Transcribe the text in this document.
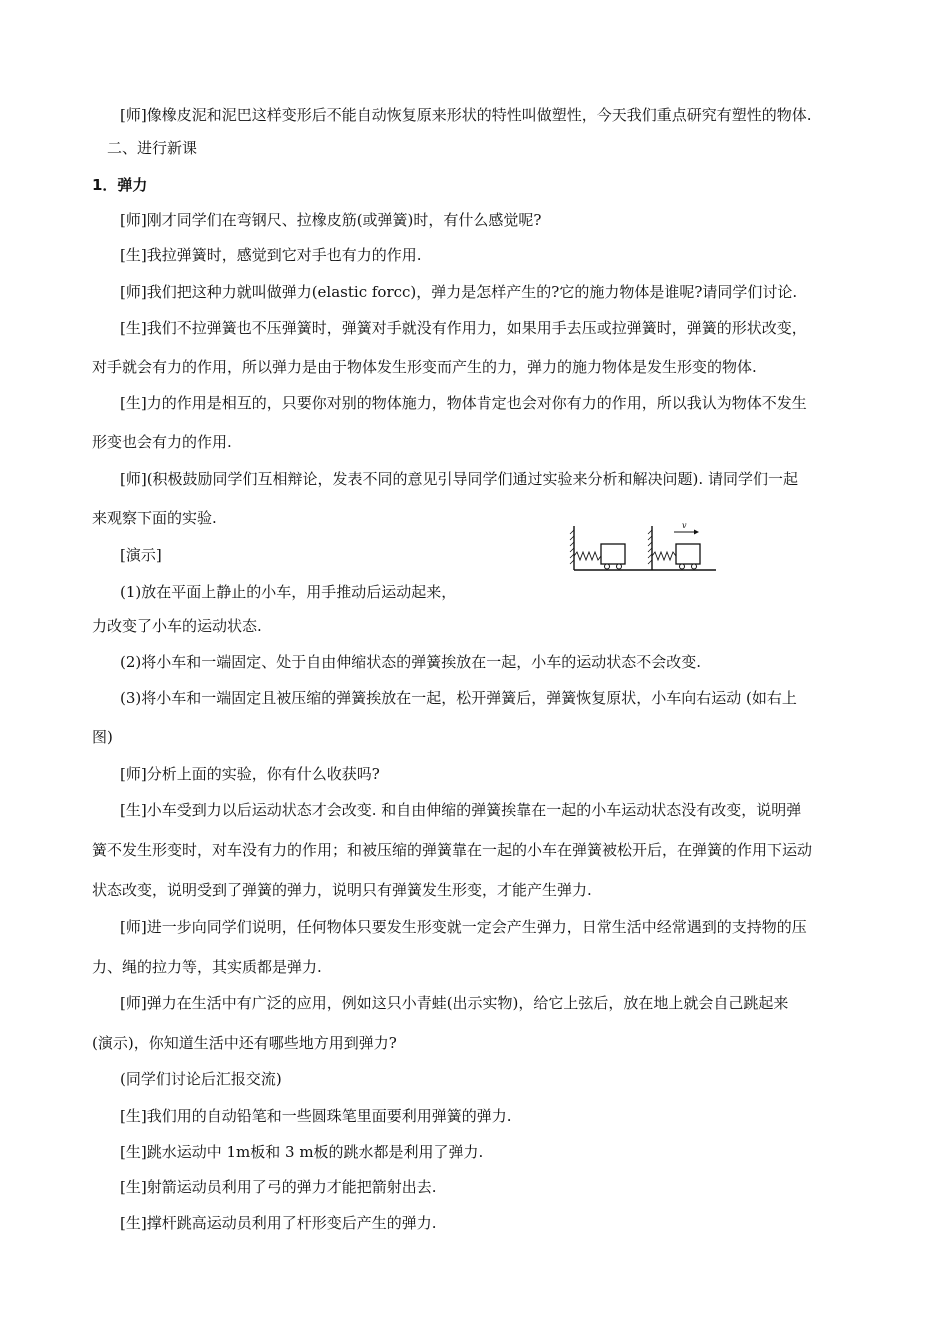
[师]像橡皮泥和泥巴这样变形后不能自动恢复原来形状的特性叫做塑性，今天我们重点研究有塑性的物体.
二、进行新课
1．弹力
[师]刚才同学们在弯钢尺、拉橡皮筋(或弹簧)时，有什么感觉呢?
[生]我拉弹簧时，感觉到它对手也有力的作用.
[师]我们把这种力就叫做弹力(elastic forcc)，弹力是怎样产生的?它的施力物体是谁呢?请同学们讨论.
[生]我们不拉弹簧也不压弹簧时，弹簧对手就没有作用力，如果用手去压或拉弹簧时，弹簧的形状改变，
对手就会有力的作用，所以弹力是由于物体发生形变而产生的力，弹力的施力物体是发生形变的物体.
[生]力的作用是相互的，只要你对别的物体施力，物体肯定也会对你有力的作用，所以我认为物体不发生
形变也会有力的作用.
[师](积极鼓励同学们互相辩论，发表不同的意见引导同学们通过实验来分析和解决问题). 请同学们一起
来观察下面的实验.
[演示]
(1)放在平面上静止的小车，用手推动后运动起来，
力改变了小车的运动状态.
(2)将小车和一端固定、处于自由伸缩状态的弹簧挨放在一起，小车的运动状态不会改变.
(3)将小车和一端固定且被压缩的弹簧挨放在一起，松开弹簧后，弹簧恢复原状，小车向右运动 (如右上
图)
[师]分析上面的实验，你有什么收获吗?
[生]小车受到力以后运动状态才会改变. 和自由伸缩的弹簧挨靠在一起的小车运动状态没有改变，说明弹
簧不发生形变时，对车没有力的作用；和被压缩的弹簧靠在一起的小车在弹簧被松开后，在弹簧的作用下运动
状态改变，说明受到了弹簧的弹力，说明只有弹簧发生形变，才能产生弹力.
[师]进一步向同学们说明，任何物体只要发生形变就一定会产生弹力，日常生活中经常遇到的支持物的压
力、绳的拉力等，其实质都是弹力.
[师]弹力在生活中有广泛的应用，例如这只小青蛙(出示实物)，给它上弦后，放在地上就会自己跳起来
(演示)，你知道生活中还有哪些地方用到弹力?
(同学们讨论后汇报交流)
[生]我们用的自动铅笔和一些圆珠笔里面要利用弹簧的弹力.
[生]跳水运动中 1m板和 3 m板的跳水都是利用了弹力.
[生]射箭运动员利用了弓的弹力才能把箭射出去.
[生]撑杆跳高运动员利用了杆形变后产生的弹力.
v
